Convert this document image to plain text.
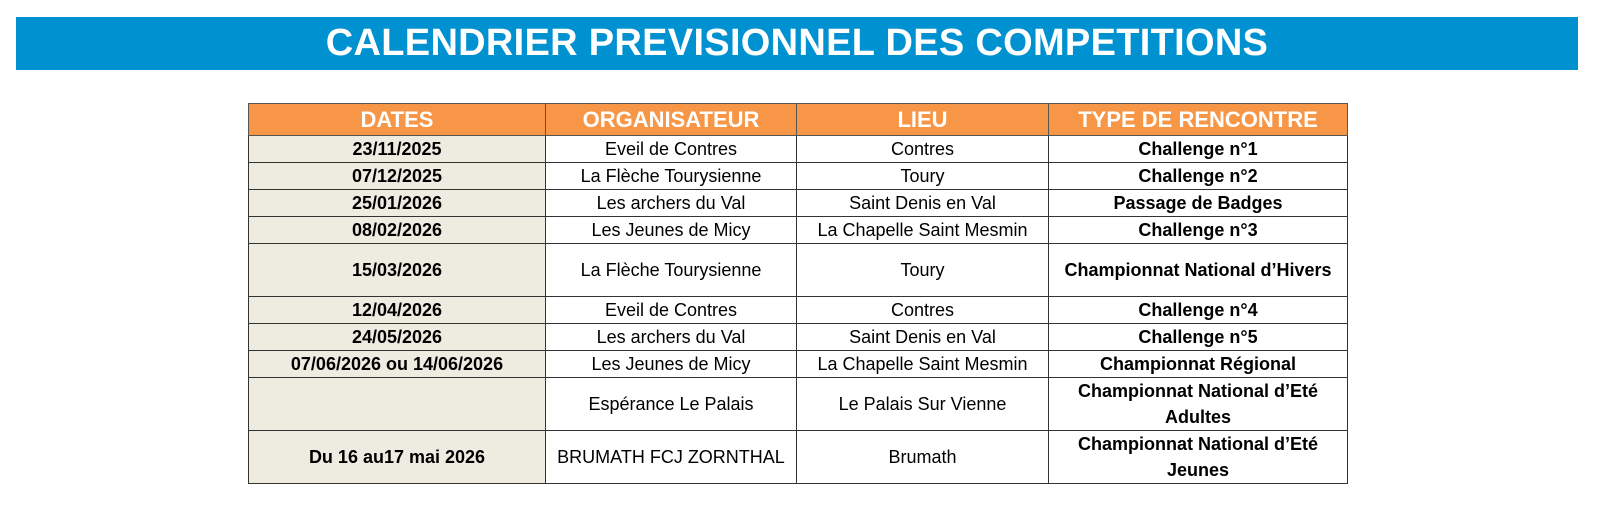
CALENDRIER PREVISIONNEL DES COMPETITIONS
DATES	ORGANISATEUR	LIEU	TYPE DE RENCONTRE
23/11/2025	Eveil de Contres	Contres	Challenge n°1
07/12/2025	La Flèche Tourysienne	Toury	Challenge n°2
25/01/2026	Les archers du Val	Saint Denis en Val	Passage de Badges
08/02/2026	Les Jeunes de Micy	La Chapelle Saint Mesmin	Challenge n°3
15/03/2026	La Flèche Tourysienne	Toury	Championnat National d’Hivers
12/04/2026	Eveil de Contres	Contres	Challenge n°4
24/05/2026	Les archers du Val	Saint Denis en Val	Challenge n°5
07/06/2026 ou 14/06/2026	Les Jeunes de Micy	La Chapelle Saint Mesmin	Championnat Régional
	Espérance Le Palais	Le Palais Sur Vienne	Championnat National d’Eté Adultes
Du 16 au17 mai 2026	BRUMATH FCJ ZORNTHAL	Brumath	Championnat National d’Eté Jeunes
